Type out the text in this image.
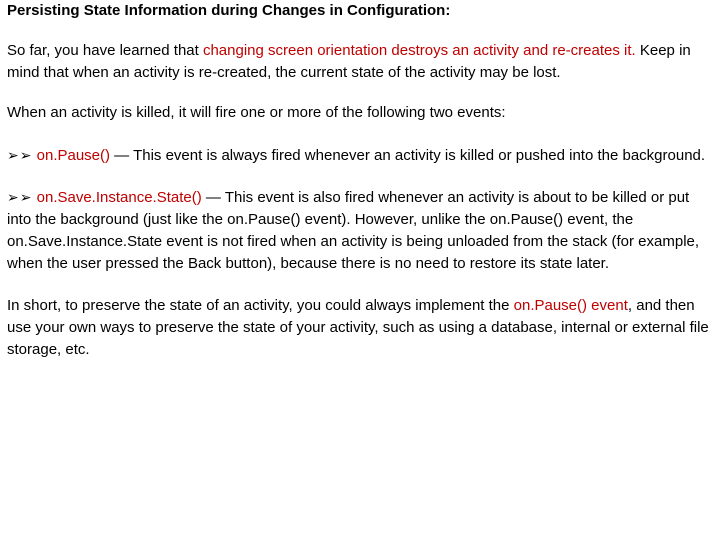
Persisting State Information during Changes in Configuration:

So far, you have learned that changing screen orientation destroys an activity and re-creates it. Keep in mind that when an activity is re-created, the current state of the activity may be lost.

When an activity is killed, it will fire one or more of the following two events:

➢➢ on.Pause() — This event is always fired whenever an activity is killed or pushed into the background.

➢➢ on.Save.Instance.State() — This event is also fired whenever an activity is about to be killed or put into the background (just like the on.Pause() event). However, unlike the on.Pause() event, the on.Save.Instance.State event is not fired when an activity is being unloaded from the stack (for example, when the user pressed the Back button), because there is no need to restore its state later.

In short, to preserve the state of an activity, you could always implement the on.Pause() event, and then use your own ways to preserve the state of your activity, such as using a database, internal or external file storage, etc.
